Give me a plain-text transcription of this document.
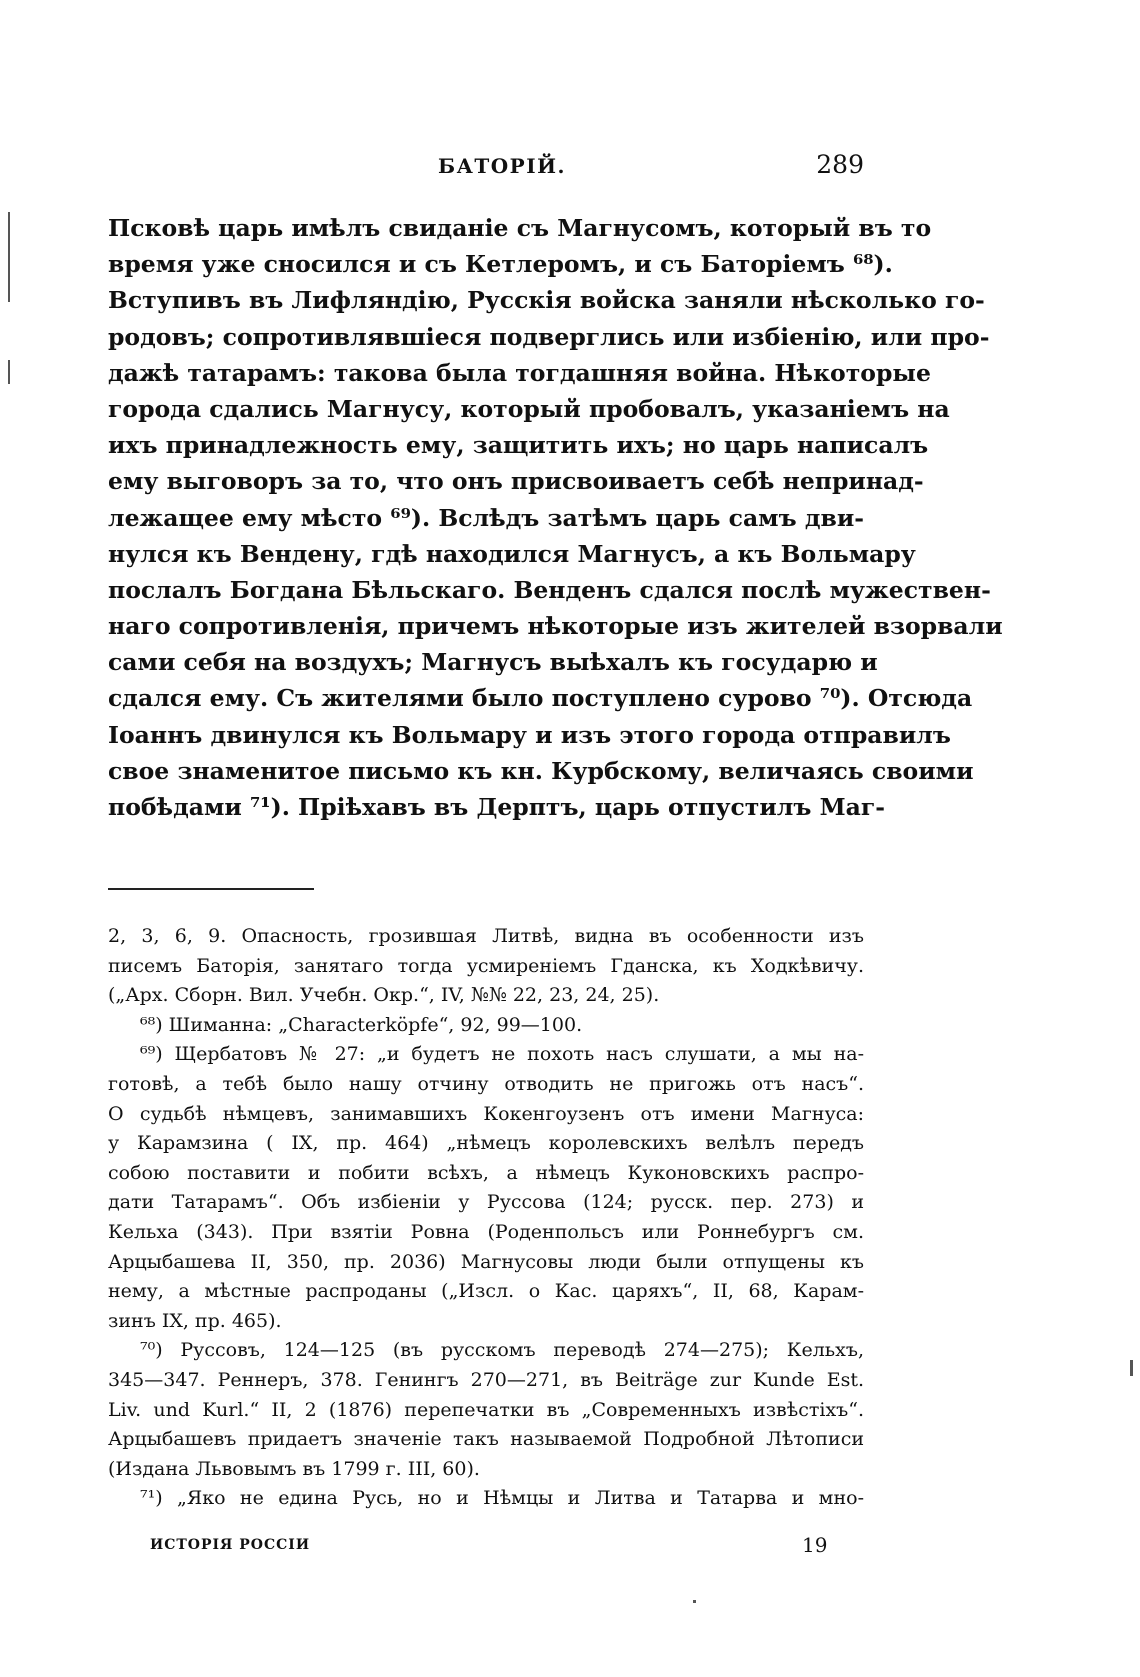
БАТОРІЙ.	289
Псковѣ царь имѣлъ свиданіе съ Магнусомъ, который въ то
время уже сносился и съ Кетлеромъ, и съ Баторіемъ ⁶⁸).
Вступивъ въ Лифляндію, Русскія войска заняли нѣсколько го-
родовъ; сопротивлявшіеся подверглись или избіенію, или про-
дажѣ татарамъ: такова была тогдашняя война. Нѣкоторые
города сдались Магнусу, который пробовалъ, указаніемъ на
ихъ принадлежность ему, защитить ихъ; но царь написалъ
ему выговоръ за то, что онъ присвоиваетъ себѣ непринад-
лежащее ему мѣсто ⁶⁹). Вслѣдъ затѣмъ царь самъ дви-
нулся къ Вендену, гдѣ находился Магнусъ, а къ Вольмару
послалъ Богдана Бѣльскаго. Венденъ сдался послѣ мужествен-
наго сопротивленія, причемъ нѣкоторые изъ жителей взорвали
сами себя на воздухъ; Магнусъ выѣхалъ къ государю и
сдался ему. Съ жителями было поступлено сурово ⁷⁰). Отсюда
Іоаннъ двинулся къ Вольмару и изъ этого города отправилъ
свое знаменитое письмо къ кн. Курбскому, величаясь своими
побѣдами ⁷¹). Пріѣхавъ въ Дерптъ, царь отпустилъ Маг-
2, 3, 6, 9. Опасность, грозившая Литвѣ, видна въ особенности изъ
писемъ Баторія, занятаго тогда усмиреніемъ Гданска, къ Ходкѣвичу.
(„Арх. Сборн. Вил. Учебн. Окр.“, IV, №№ 22, 23, 24, 25).
⁶⁸) Шиманна: „Characterköpfe“, 92, 99—100.
⁶⁹) Щербатовъ № 27: „и будетъ не похоть насъ слушати, а мы на-
готовѣ, а тебѣ было нашу отчину отводить не пригожь отъ насъ“.
О судьбѣ нѣмцевъ, занимавшихъ Кокенгоузенъ отъ имени Магнуса:
у Карамзина ( IX, пр. 464) „нѣмецъ королевскихъ велѣлъ передъ
собою поставити и побити всѣхъ, а нѣмецъ Куконовскихъ распро-
дати Татарамъ“. Объ избіеніи у Руссова (124; русск. пер. 273) и
Кельха (343). При взятіи Ровна (Роденпольсъ или Роннебургъ см.
Арцыбашева II, 350, пр. 2036) Магнусовы люди были отпущены къ
нему, а мѣстные распроданы („Изсл. о Кас. царяхъ“, II, 68, Карам-
зинъ IX, пр. 465).
⁷⁰) Руссовъ, 124—125 (въ русскомъ переводѣ 274—275); Кельхъ,
345—347. Реннеръ, 378. Генингъ 270—271, въ Beiträge zur Kunde Est.
Liv. und Kurl.“ II, 2 (1876) перепечатки въ „Современныхъ извѣстіхъ“.
Арцыбашевъ придаетъ значеніе такъ называемой Подробной Лѣтописи
(Издана Львовымъ въ 1799 г. III, 60).
⁷¹) „Яко не едина Русь, но и Нѣмцы и Литва и Татарва и мно-
ИСТОРІЯ РОССІИ	19
